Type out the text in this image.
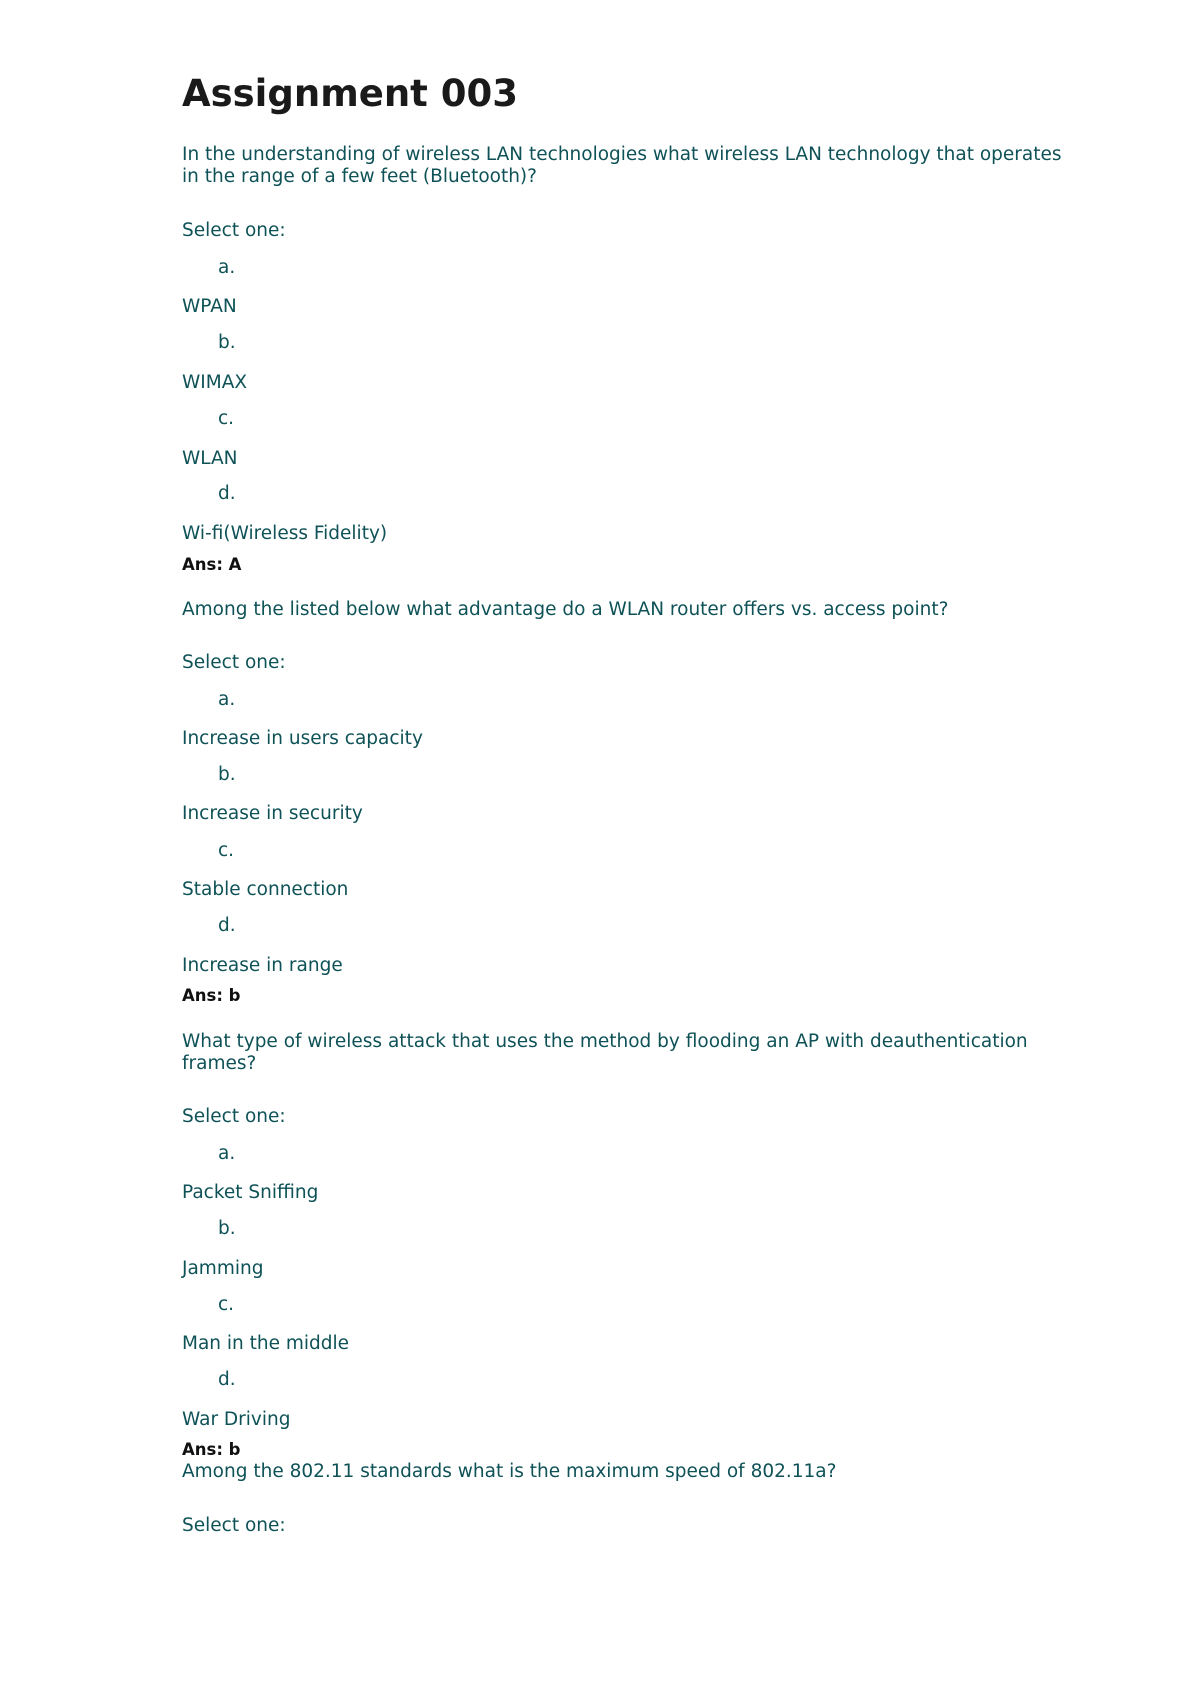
Assignment 003
In the understanding of wireless LAN technologies what wireless LAN technology that operates in the range of a few feet (Bluetooth)?
Select one:
a.
WPAN
b.
WIMAX
c.
WLAN
d.
Wi-fi(Wireless Fidelity)
Ans: A
Among the listed below what advantage do a WLAN router offers vs. access point?
Select one:
a.
Increase in users capacity
b.
Increase in security
c.
Stable connection
d.
Increase in range
Ans: b
What type of wireless attack that uses the method by flooding an AP with deauthentication frames?
Select one:
a.
Packet Sniffing
b.
Jamming
c.
Man in the middle
d.
War Driving
Ans: b
Among the 802.11 standards what is the maximum speed of 802.11a?
Select one:
